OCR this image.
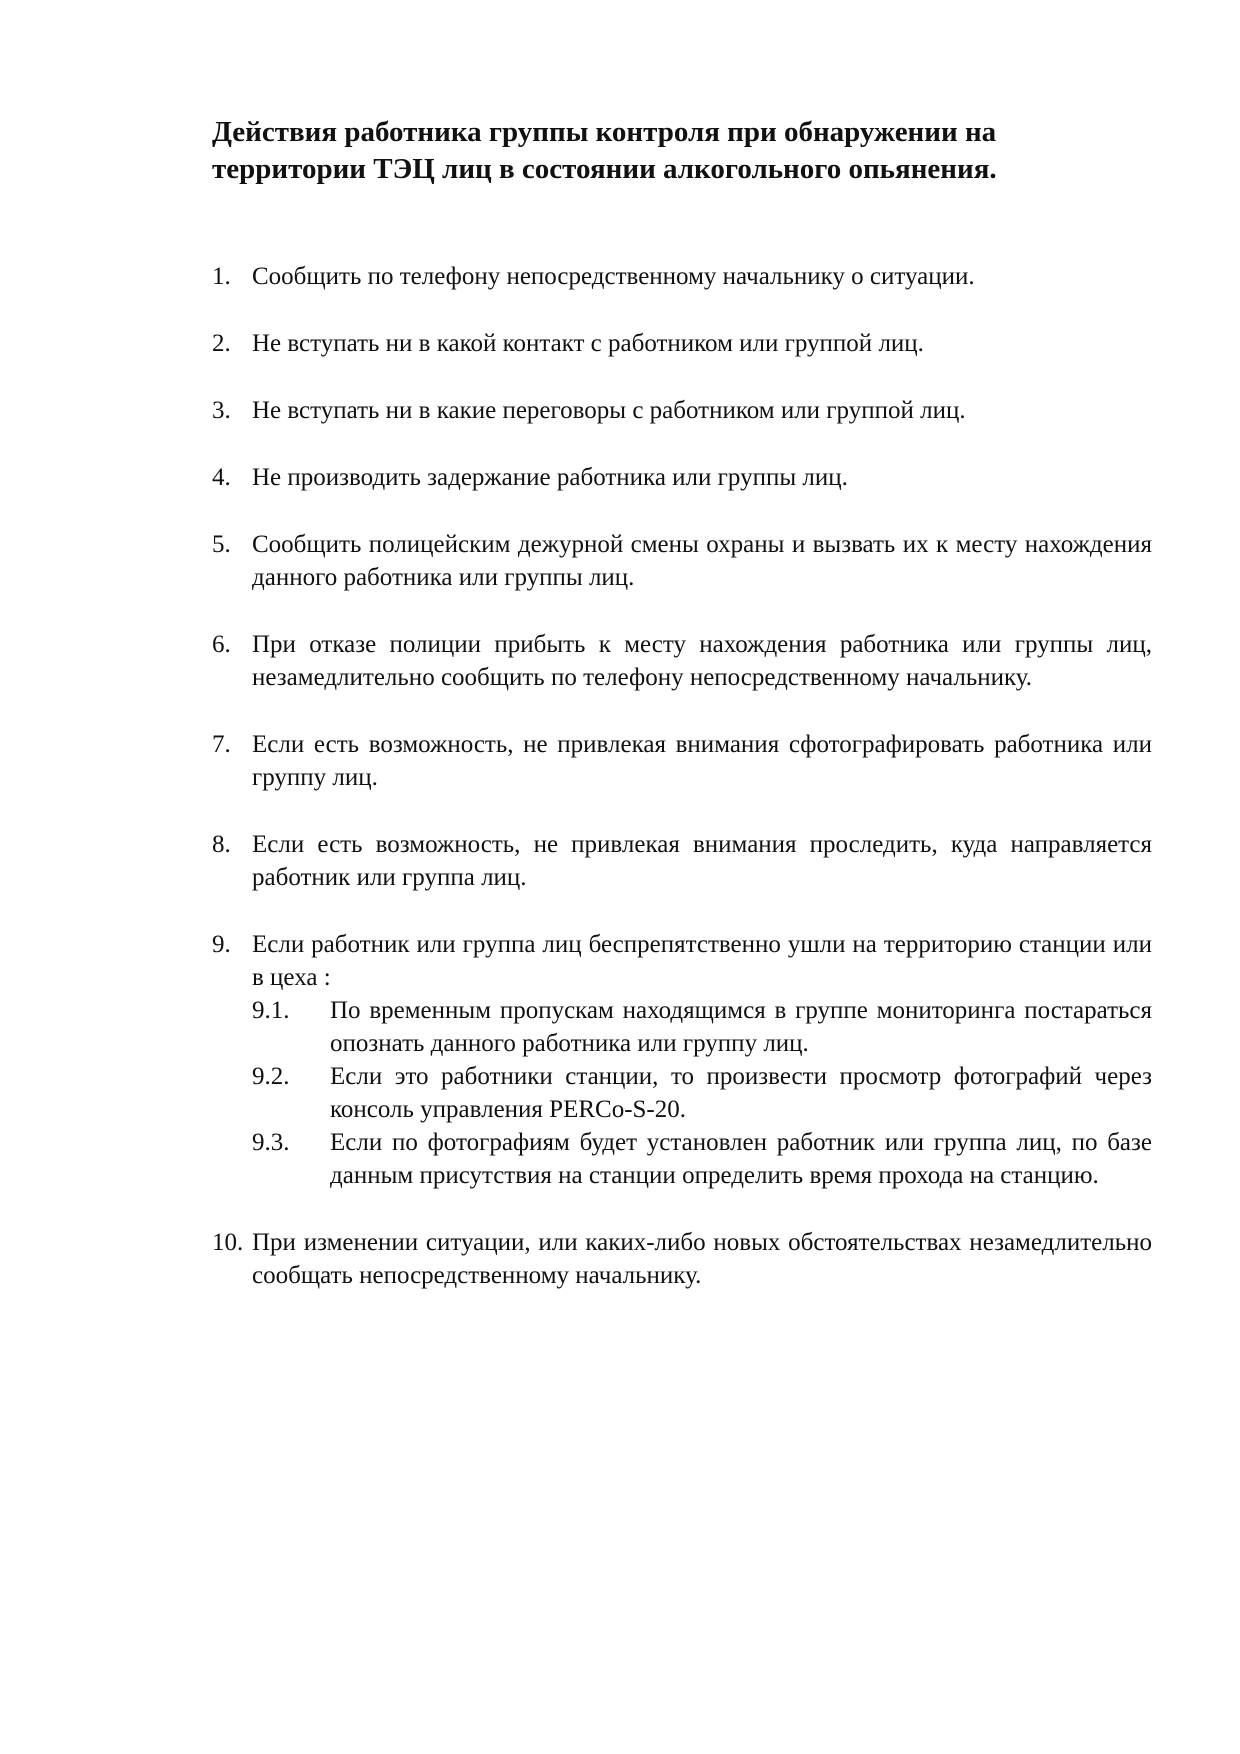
Действия работника группы контроля при обнаружении на
территории ТЭЦ лиц в состоянии алкогольного опьянения.
1. Сообщить по телефону непосредственному начальнику о ситуации.
2. Не вступать ни в какой контакт с работником или группой лиц.
3. Не вступать ни в какие переговоры с работником или группой лиц.
4. Не производить задержание работника или группы лиц.
5. Сообщить полицейским дежурной смены охраны и вызвать их к месту нахождения данного работника или группы лиц.
6. При отказе полиции прибыть к месту нахождения работника или группы лиц, незамедлительно сообщить по телефону непосредственному начальнику.
7. Если есть возможность, не привлекая внимания сфотографировать работника или группу лиц.
8. Если есть возможность, не привлекая внимания проследить, куда направляется работник или группа лиц.
9. Если работник или группа лиц беспрепятственно ушли на территорию станции или в цеха :
9.1. По временным пропускам находящимся в группе мониторинга постараться опознать данного работника или группу лиц.
9.2. Если это работники станции, то произвести просмотр фотографий через консоль управления PERCo-S-20.
9.3. Если по фотографиям будет установлен работник или группа лиц, по базе данным присутствия на станции определить время прохода на станцию.
10. При изменении ситуации, или каких-либо новых обстоятельствах незамедлительно сообщать непосредственному начальнику.
